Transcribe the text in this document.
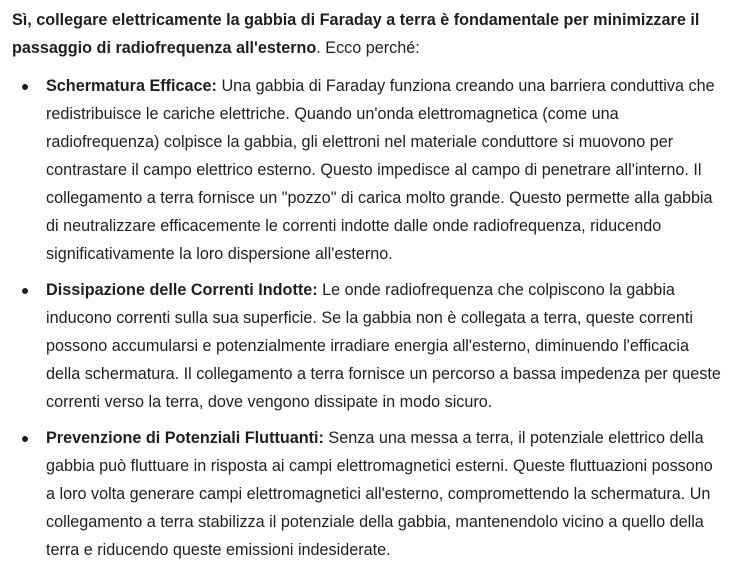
Sì, collegare elettricamente la gabbia di Faraday a terra è fondamentale per minimizzare il passaggio di radiofrequenza all'esterno. Ecco perché:

Schermatura Efficace: Una gabbia di Faraday funziona creando una barriera conduttiva che redistribuisce le cariche elettriche. Quando un'onda elettromagnetica (come una radiofrequenza) colpisce la gabbia, gli elettroni nel materiale conduttore si muovono per contrastare il campo elettrico esterno. Questo impedisce al campo di penetrare all'interno. Il collegamento a terra fornisce un "pozzo" di carica molto grande. Questo permette alla gabbia di neutralizzare efficacemente le correnti indotte dalle onde radiofrequenza, riducendo significativamente la loro dispersione all'esterno.
Dissipazione delle Correnti Indotte: Le onde radiofrequenza che colpiscono la gabbia inducono correnti sulla sua superficie. Se la gabbia non è collegata a terra, queste correnti possono accumularsi e potenzialmente irradiare energia all'esterno, diminuendo l'efficacia della schermatura. Il collegamento a terra fornisce un percorso a bassa impedenza per queste correnti verso la terra, dove vengono dissipate in modo sicuro.
Prevenzione di Potenziali Fluttuanti: Senza una messa a terra, il potenziale elettrico della gabbia può fluttuare in risposta ai campi elettromagnetici esterni. Queste fluttuazioni possono a loro volta generare campi elettromagnetici all'esterno, compromettendo la schermatura. Un collegamento a terra stabilizza il potenziale della gabbia, mantenendolo vicino a quello della terra e riducendo queste emissioni indesiderate.
